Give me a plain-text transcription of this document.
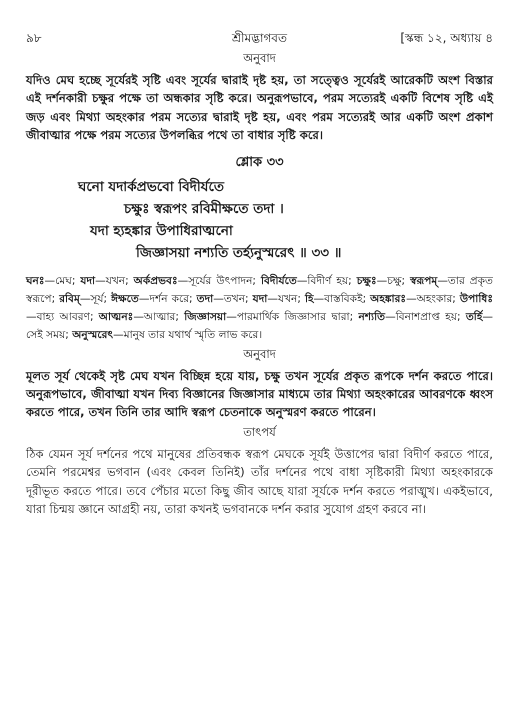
৯৮	শ্রীমদ্ভাগবত	[স্কন্ধ ১২, অধ্যায় ৪
অনুবাদ

যদিও মেঘ হচ্ছে সূর্যেরই সৃষ্টি এবং সূর্যের দ্বারাই দৃষ্ট হয়, তা সত্ত্বেও সূর্যেরই আরেকটি অংশ বিস্তার এই দর্শনকারী চক্ষুর পক্ষে তা অন্ধকার সৃষ্টি করে। অনুরূপভাবে, পরম সত্যেরই একটি বিশেষ সৃষ্টি এই জড় এবং মিথ্যা অহংকার পরম সত্যের দ্বারাই দৃষ্ট হয়, এবং পরম সত্যেরই আর একটি অংশ প্রকাশ জীবাত্মার পক্ষে পরম সত্যের উপলব্ধির পথে তা বাধার সৃষ্টি করে।

শ্লোক ৩৩
ঘনো যদার্কপ্রভবো বিদীর্যতে
চক্ষুঃ স্বরূপং রবিমীক্ষতে তদা ।
যদা হ্যহঙ্কার উপাধিরাত্মনো
জিজ্ঞাসয়া নশ্যতি তর্হ্যনুস্মরেৎ ॥ ৩৩ ॥
ঘনঃ—মেঘ; যদা—যখন; অর্কপ্রভবঃ—সূর্যের উৎপাদন; বিদীর্যতে—বিদীর্ণ হয়; চক্ষুঃ—চক্ষু; স্বরূপম্—তার প্রকৃত স্বরূপে; রবিম্—সূর্য; ঈক্ষতে—দর্শন করে; তদা—তখন; যদা—যখন; হি—বাস্তবিকই; অহঙ্কারঃ—অহংকার; উপাধিঃ—বাহ্য আবরণ; আত্মনঃ—আত্মার; জিজ্ঞাসয়া—পারমার্থিক জিজ্ঞাসার দ্বারা; নশ্যতি—বিনাশপ্রাপ্ত হয়; তর্হি—সেই সময়; অনুস্মরেৎ—মানুষ তার যথার্থ স্মৃতি লাভ করে।
অনুবাদ

মূলত সূর্য থেকেই সৃষ্ট মেঘ যখন বিচ্ছিন্ন হয়ে যায়, চক্ষু তখন সূর্যের প্রকৃত রূপকে দর্শন করতে পারে। অনুরূপভাবে, জীবাত্মা যখন দিব্য বিজ্ঞানের জিজ্ঞাসার মাধ্যমে তার মিথ্যা অহংকারের আবরণকে ধ্বংস করতে পারে, তখন তিনি তার আদি স্বরূপ চেতনাকে অনুস্মরণ করতে পারেন।

তাৎপর্য

ঠিক যেমন সূর্য দর্শনের পথে মানুষের প্রতিবন্ধক স্বরূপ মেঘকে সূর্যই উত্তাপের দ্বারা বিদীর্ণ করতে পারে, তেমনি পরমেশ্বর ভগবান (এবং কেবল তিনিই) তাঁর দর্শনের পথে বাধা সৃষ্টিকারী মিথ্যা অহংকারকে দূরীভূত করতে পারে। তবে পেঁচার মতো কিছু জীব আছে যারা সূর্যকে দর্শন করতে পরাঙ্মুখ। একইভাবে, যারা চিন্ময় জ্ঞানে আগ্রহী নয়, তারা কখনই ভগবানকে দর্শন করার সুযোগ গ্রহণ করবে না।
